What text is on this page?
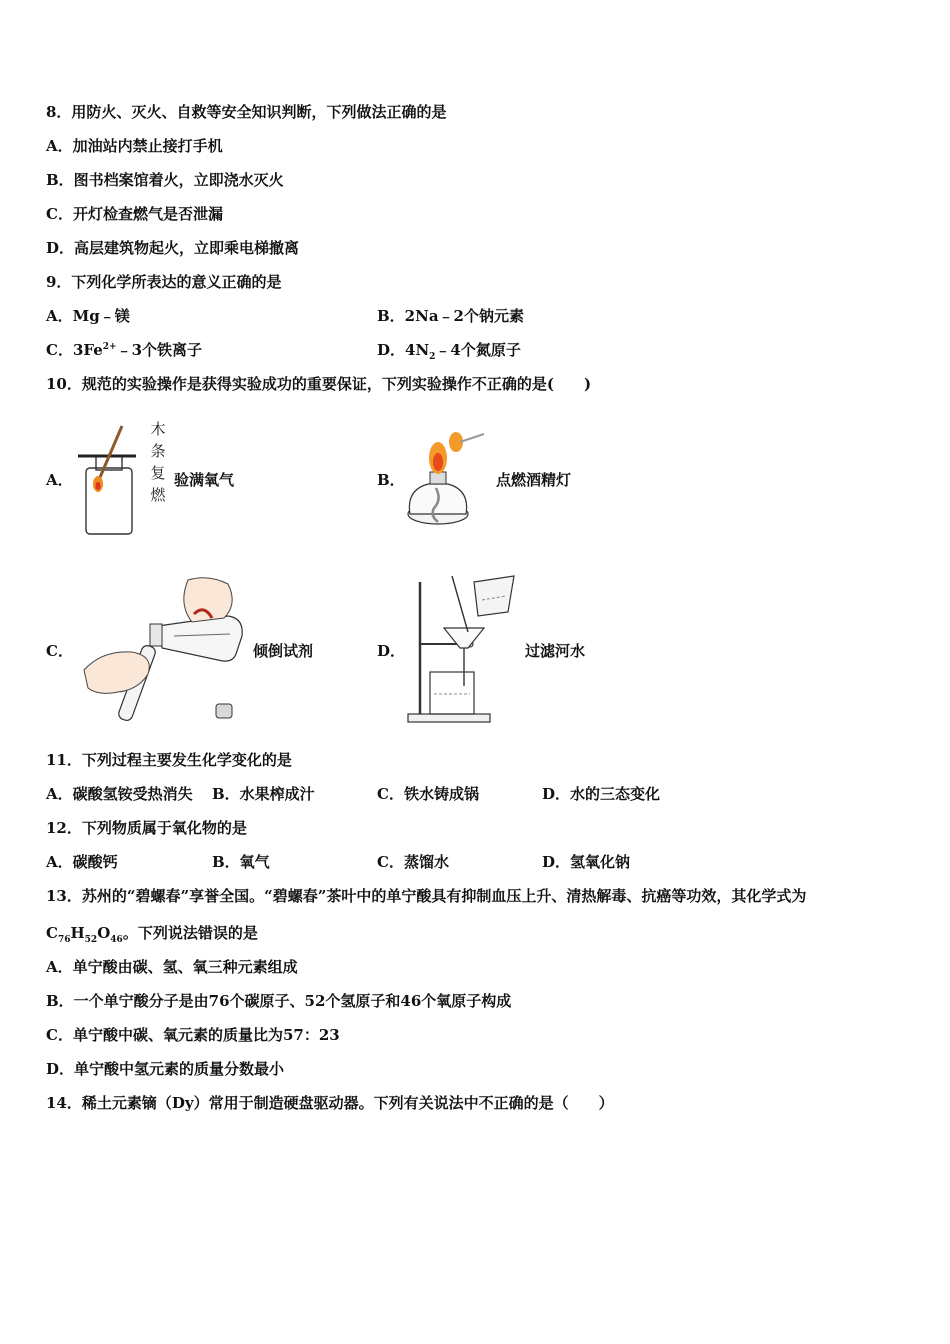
8．用防火、灭火、自救等安全知识判断，下列做法正确的是
A．加油站内禁止接打手机
B．图书档案馆着火，立即浇水灭火
C．开灯检查燃气是否泄漏
D．高层建筑物起火，立即乘电梯撤离
9．下列化学所表达的意义正确的是
A．Mg﹣镁	B．2Na﹣2个钠元素
C．$3Fe^{2+}﹣3$个铁离子	D．$4N_2﹣4$个氮原子
10．规范的实验操作是获得实验成功的重要保证，下列实验操作不正确的是(　　)
A．
木
条
复
燃
验满氧气	B．	点燃酒精灯
C．	倾倒试剂	D．	过滤河水
11．下列过程主要发生化学变化的是
A．碳酸氢铵受热消失 B．水果榨成汁	C．铁水铸成锅	D．水的三态变化
12．下列物质属于氧化物的是
A．碳酸钙	B．氧气	C．蒸馏水	D．氢氧化钠
13．苏州的“碧螺春”享誉全国。“碧螺春”茶叶中的单宁酸具有抑制血压上升、清热解毒、抗癌等功效，其化学式为
$C_{76}H_{52}O_{46}$。下列说法错误的是
A．单宁酸由碳、氢、氧三种元素组成
B．一个单宁酸分子是由76个碳原子、52个氢原子和46个氧原子构成
C．单宁酸中碳、氧元素的质量比为57：23
D．单宁酸中氢元素的质量分数最小
14．稀土元素镝（Dy）常用于制造硬盘驱动器。下列有关说法中不正确的是（　　）
